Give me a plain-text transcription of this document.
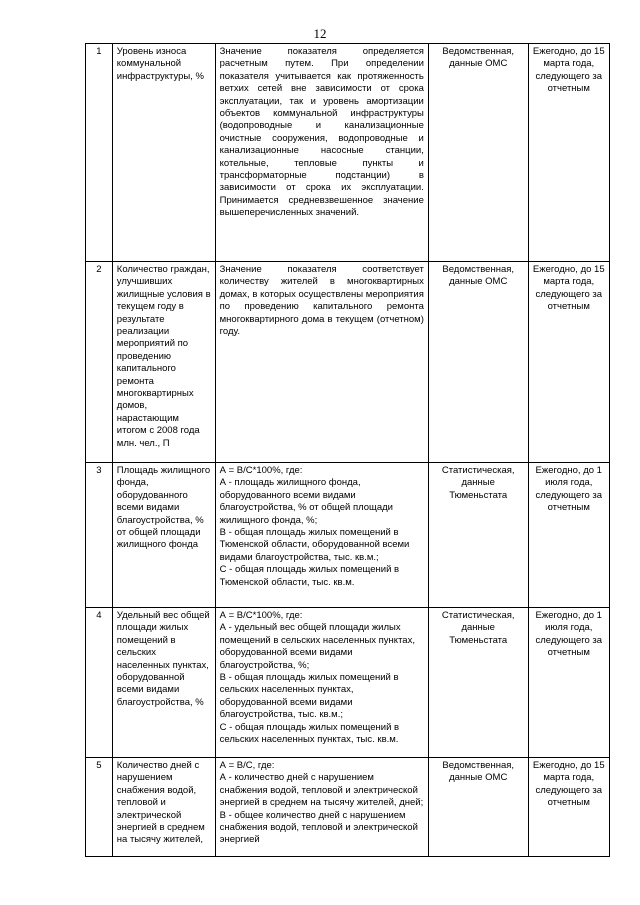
12
1	Уровень износа коммунальной инфраструктуры, %	Значение показателя определяется расчетным путем. При определении показателя учитывается как протяженность ветхих сетей вне зависимости от срока эксплуатации, так и уровень амортизации объектов коммунальной инфраструктуры (водопроводные и канализационные очистные сооружения, водопроводные и канализационные насосные станции, котельные, тепловые пункты и трансформаторные подстанции) в зависимости от срока их эксплуатации. Принимается средневзвешенное значение вышеперечисленных значений.	Ведомственная, данные ОМС	Ежегодно, до 15 марта года, следующего за отчетным
2	Количество граждан, улучшивших жилищные условия в текущем году в результате реализации мероприятий по проведению капитального ремонта многоквартирных домов, нарастающим итогом с 2008 года млн. чел., П	Значение показателя соответствует количеству жителей в многоквартирных домах, в которых осуществлены мероприятия по проведению капитального ремонта многоквартирного дома в текущем (отчетном) году.	Ведомственная, данные ОМС	Ежегодно, до 15 марта года, следующего за отчетным
3	Площадь жилищного фонда, оборудованного всеми видами благоустройства, % от общей площади жилищного фонда	А = В/С*100%, где:
А - площадь жилищного фонда, оборудованного всеми видами благоустройства, % от общей площади жилищного фонда, %;
В - общая площадь жилых помещений в Тюменской области, оборудованной всеми видами благоустройства, тыс. кв.м.;
С - общая площадь жилых помещений в Тюменской области, тыс. кв.м.	Статистическая, данные Тюменьстата	Ежегодно, до 1 июля года, следующего за отчетным
4	Удельный вес общей площади жилых помещений в сельских населенных пунктах, оборудованной всеми видами благоустройства, %	А = В/С*100%, где:
А - удельный вес общей площади жилых помещений в сельских населенных пунктах, оборудованной всеми видами благоустройства, %;
В - общая площадь жилых помещений в сельских населенных пунктах, оборудованной всеми видами благоустройства, тыс. кв.м.;
С - общая площадь жилых помещений в сельских населенных пунктах, тыс. кв.м.	Статистическая, данные Тюменьстата	Ежегодно, до 1 июля года, следующего за отчетным
5	Количество дней с нарушением снабжения водой, тепловой и электрической энергией в среднем на тысячу жителей,	А = В/С, где:
А - количество дней с нарушением снабжения водой, тепловой и электрической энергией в среднем на тысячу жителей, дней;
В - общее количество дней с нарушением снабжения водой, тепловой и электрической энергией	Ведомственная, данные ОМС	Ежегодно, до 15 марта года, следующего за отчетным
